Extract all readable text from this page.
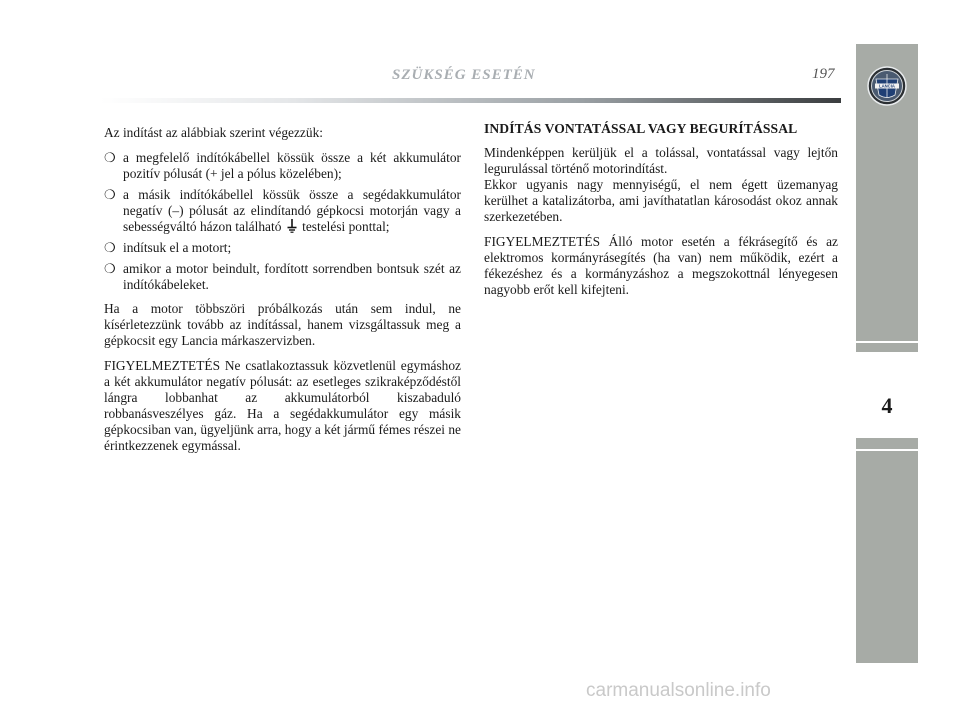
SZÜKSÉG ESETÉN	197
LANCIA
4

Az indítást az alábbiak szerint végezzük:

❍ a megfelelő indítókábellel kössük össze a két akkumulátor pozitív pólusát (+ jel a pólus közelében);
❍ a másik indítókábellel kössük össze a segédakkumulátor negatív (–) pólusát az elindítandó gépkocsi motorján vagy a sebességváltó házon található testelési ponttal;
❍ indítsuk el a motort;
❍ amikor a motor beindult, fordított sorrendben bontsuk szét az indítókábeleket.

Ha a motor többszöri próbálkozás után sem indul, ne kísérletezzünk tovább az indítással, hanem vizsgáltassuk meg a gépkocsit egy Lancia márkaszervizben.

FIGYELMEZTETÉS Ne csatlakoztassuk közvetlenül egymáshoz a két akkumulátor negatív pólusát: az esetleges szikraképződéstől lángra lobbanhat az akkumulátorból kiszabaduló robbanásveszélyes gáz. Ha a segédakkumulátor egy másik gépkocsiban van, ügyeljünk arra, hogy a két jármű fémes részei ne érintkezzenek egymással.

INDÍTÁS VONTATÁSSAL VAGY BEGURÍTÁSSAL

Mindenképpen kerüljük el a tolással, vontatással vagy lejtőn legurulással történő motorindítást.
Ekkor ugyanis nagy mennyiségű, el nem égett üzemanyag kerülhet a katalizátorba, ami javíthatatlan károsodást okoz annak szerkezetében.

FIGYELMEZTETÉS Álló motor esetén a fékrásegítő és az elektromos kormányrásegítés (ha van) nem működik, ezért a fékezéshez és a kormányzáshoz a megszokottnál lényegesen nagyobb erőt kell kifejteni.

carmanualsonline.info
